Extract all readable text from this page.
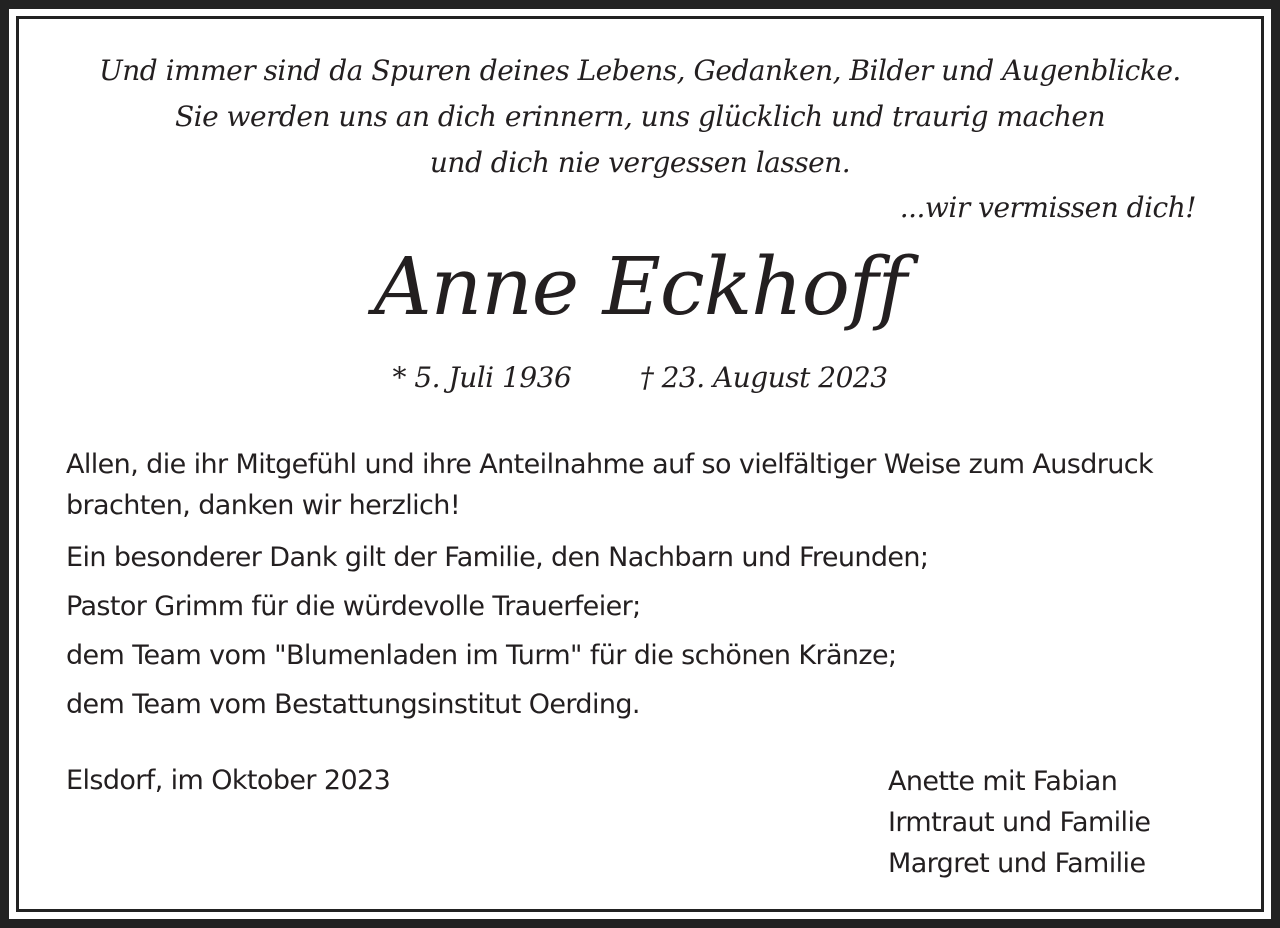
Und immer sind da Spuren deines Lebens, Gedanken, Bilder und Augenblicke.
Sie werden uns an dich erinnern, uns glücklich und traurig machen
und dich nie vergessen lassen.
...wir vermissen dich!
Anne Eckhoff
* 5. Juli 1936 † 23. August 2023

Allen, die ihr Mitgefühl und ihre Anteilnahme auf so vielfältiger Weise zum Ausdruck brachten, danken wir herzlich!

Ein besonderer Dank gilt der Familie, den Nachbarn und Freunden;

Pastor Grimm für die würdevolle Trauerfeier;

dem Team vom "Blumenladen im Turm" für die schönen Kränze;

dem Team vom Bestattungsinstitut Oerding.

Elsdorf, im Oktober 2023	Anette mit Fabian
Irmtraut und Familie
Margret und Familie
